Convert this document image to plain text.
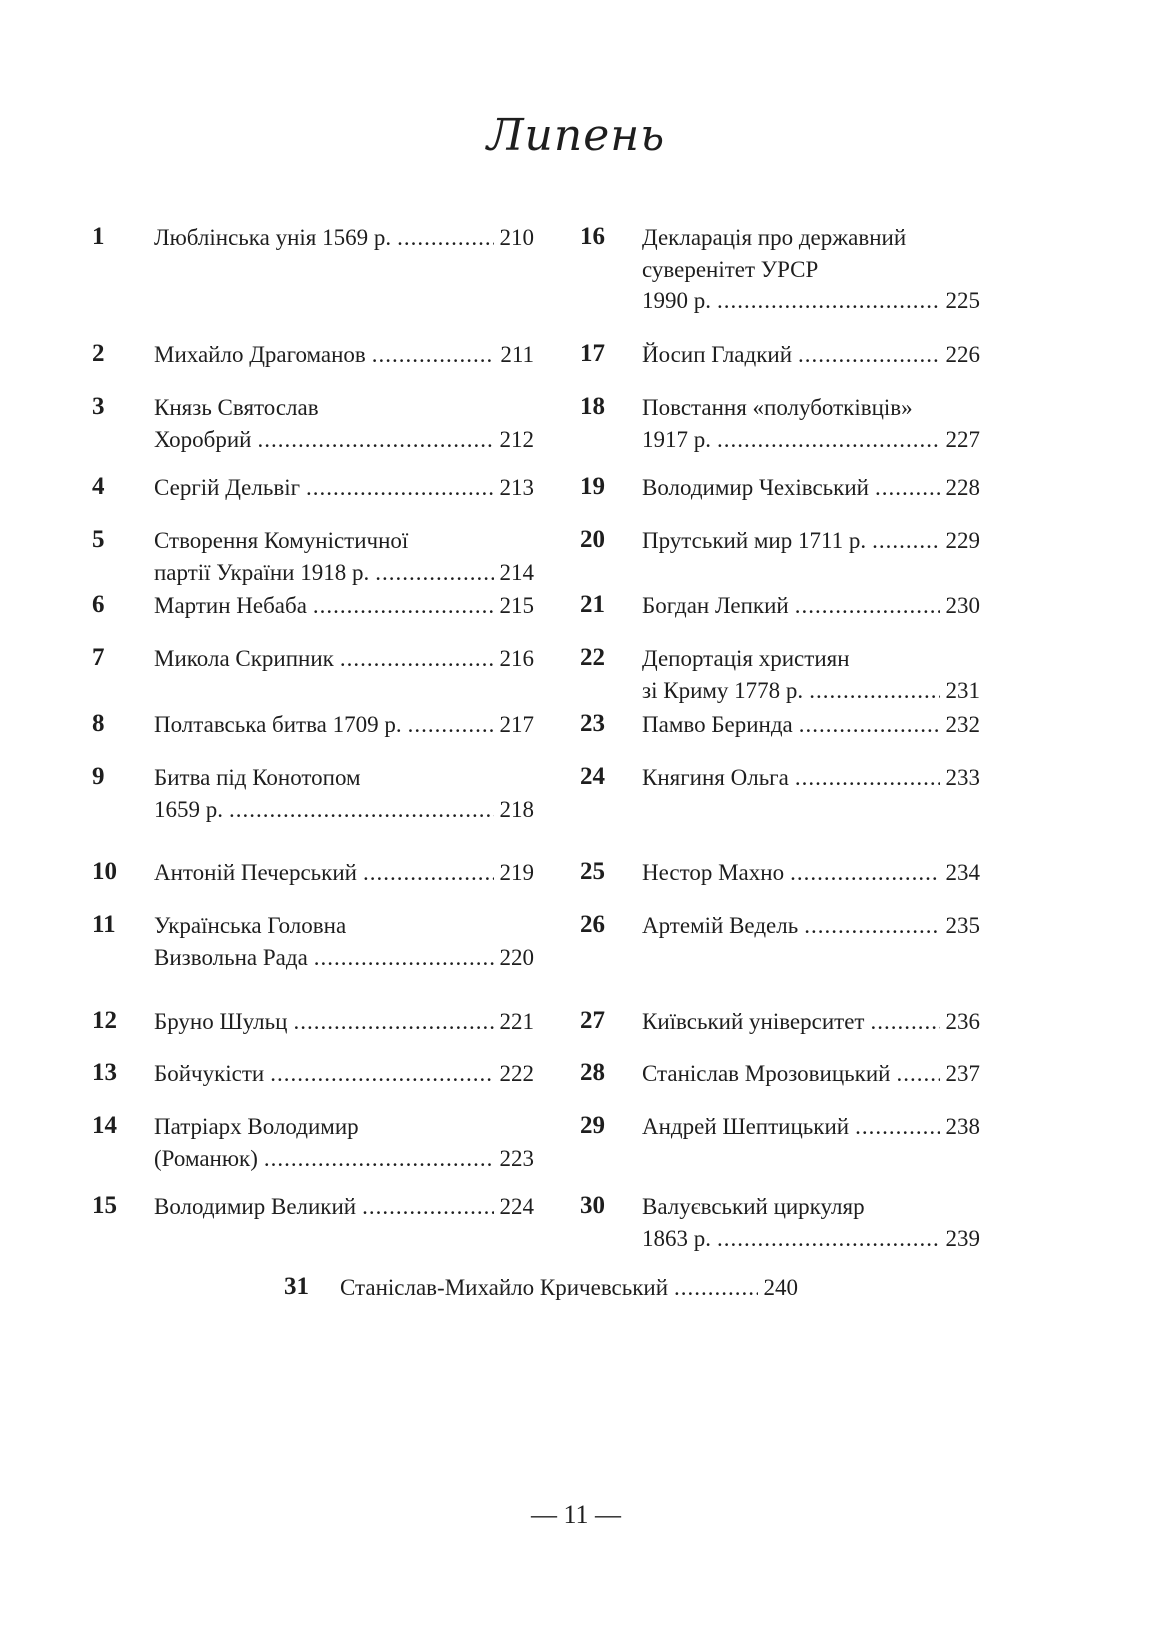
Липень
1 Люблінська унія 1569 р. .....	210
2 Михайло Драгоманов .....	211
3 Князь Святослав
Хоробрий .....	212
4 Сергій Дельвіг .....	213
5 Створення Комуністичної
партії України 1918 р. .....	214
6 Мартин Небаба .....	215
7 Микола Скрипник .....	216
8 Полтавська битва 1709 р. .....	217
9 Битва під Конотопом
1659 р. .....	218
10 Антоній Печерський .....	219
11 Українська Головна
Визвольна Рада .....	220
12 Бруно Шульц .....	221
13 Бойчукісти .....	222
14 Патріарх Володимир
(Романюк) .....	223
15 Володимир Великий .....	224
16 Декларація про державний
суверенітет УРСР
1990 р. .....	225
17 Йосип Гладкий .....	226
18 Повстання «полуботківців»
1917 р. .....	227
19 Володимир Чехівський .....	228
20 Прутський мир 1711 р. .....	229
21 Богдан Лепкий .....	230
22 Депортація християн
зі Криму 1778 р. .....	231
23 Памво Беринда .....	232
24 Княгиня Ольга .....	233
25 Нестор Махно .....	234
26 Артемій Ведель .....	235
27 Київський університет .....	236
28 Станіслав Мрозовицький ..... 237
29 Андрей Шептицький .....	238
30 Валуєвський циркуляр
1863 р. .....	239
31 Станіслав-Михайло Кричевський .....	240
— 11 —
